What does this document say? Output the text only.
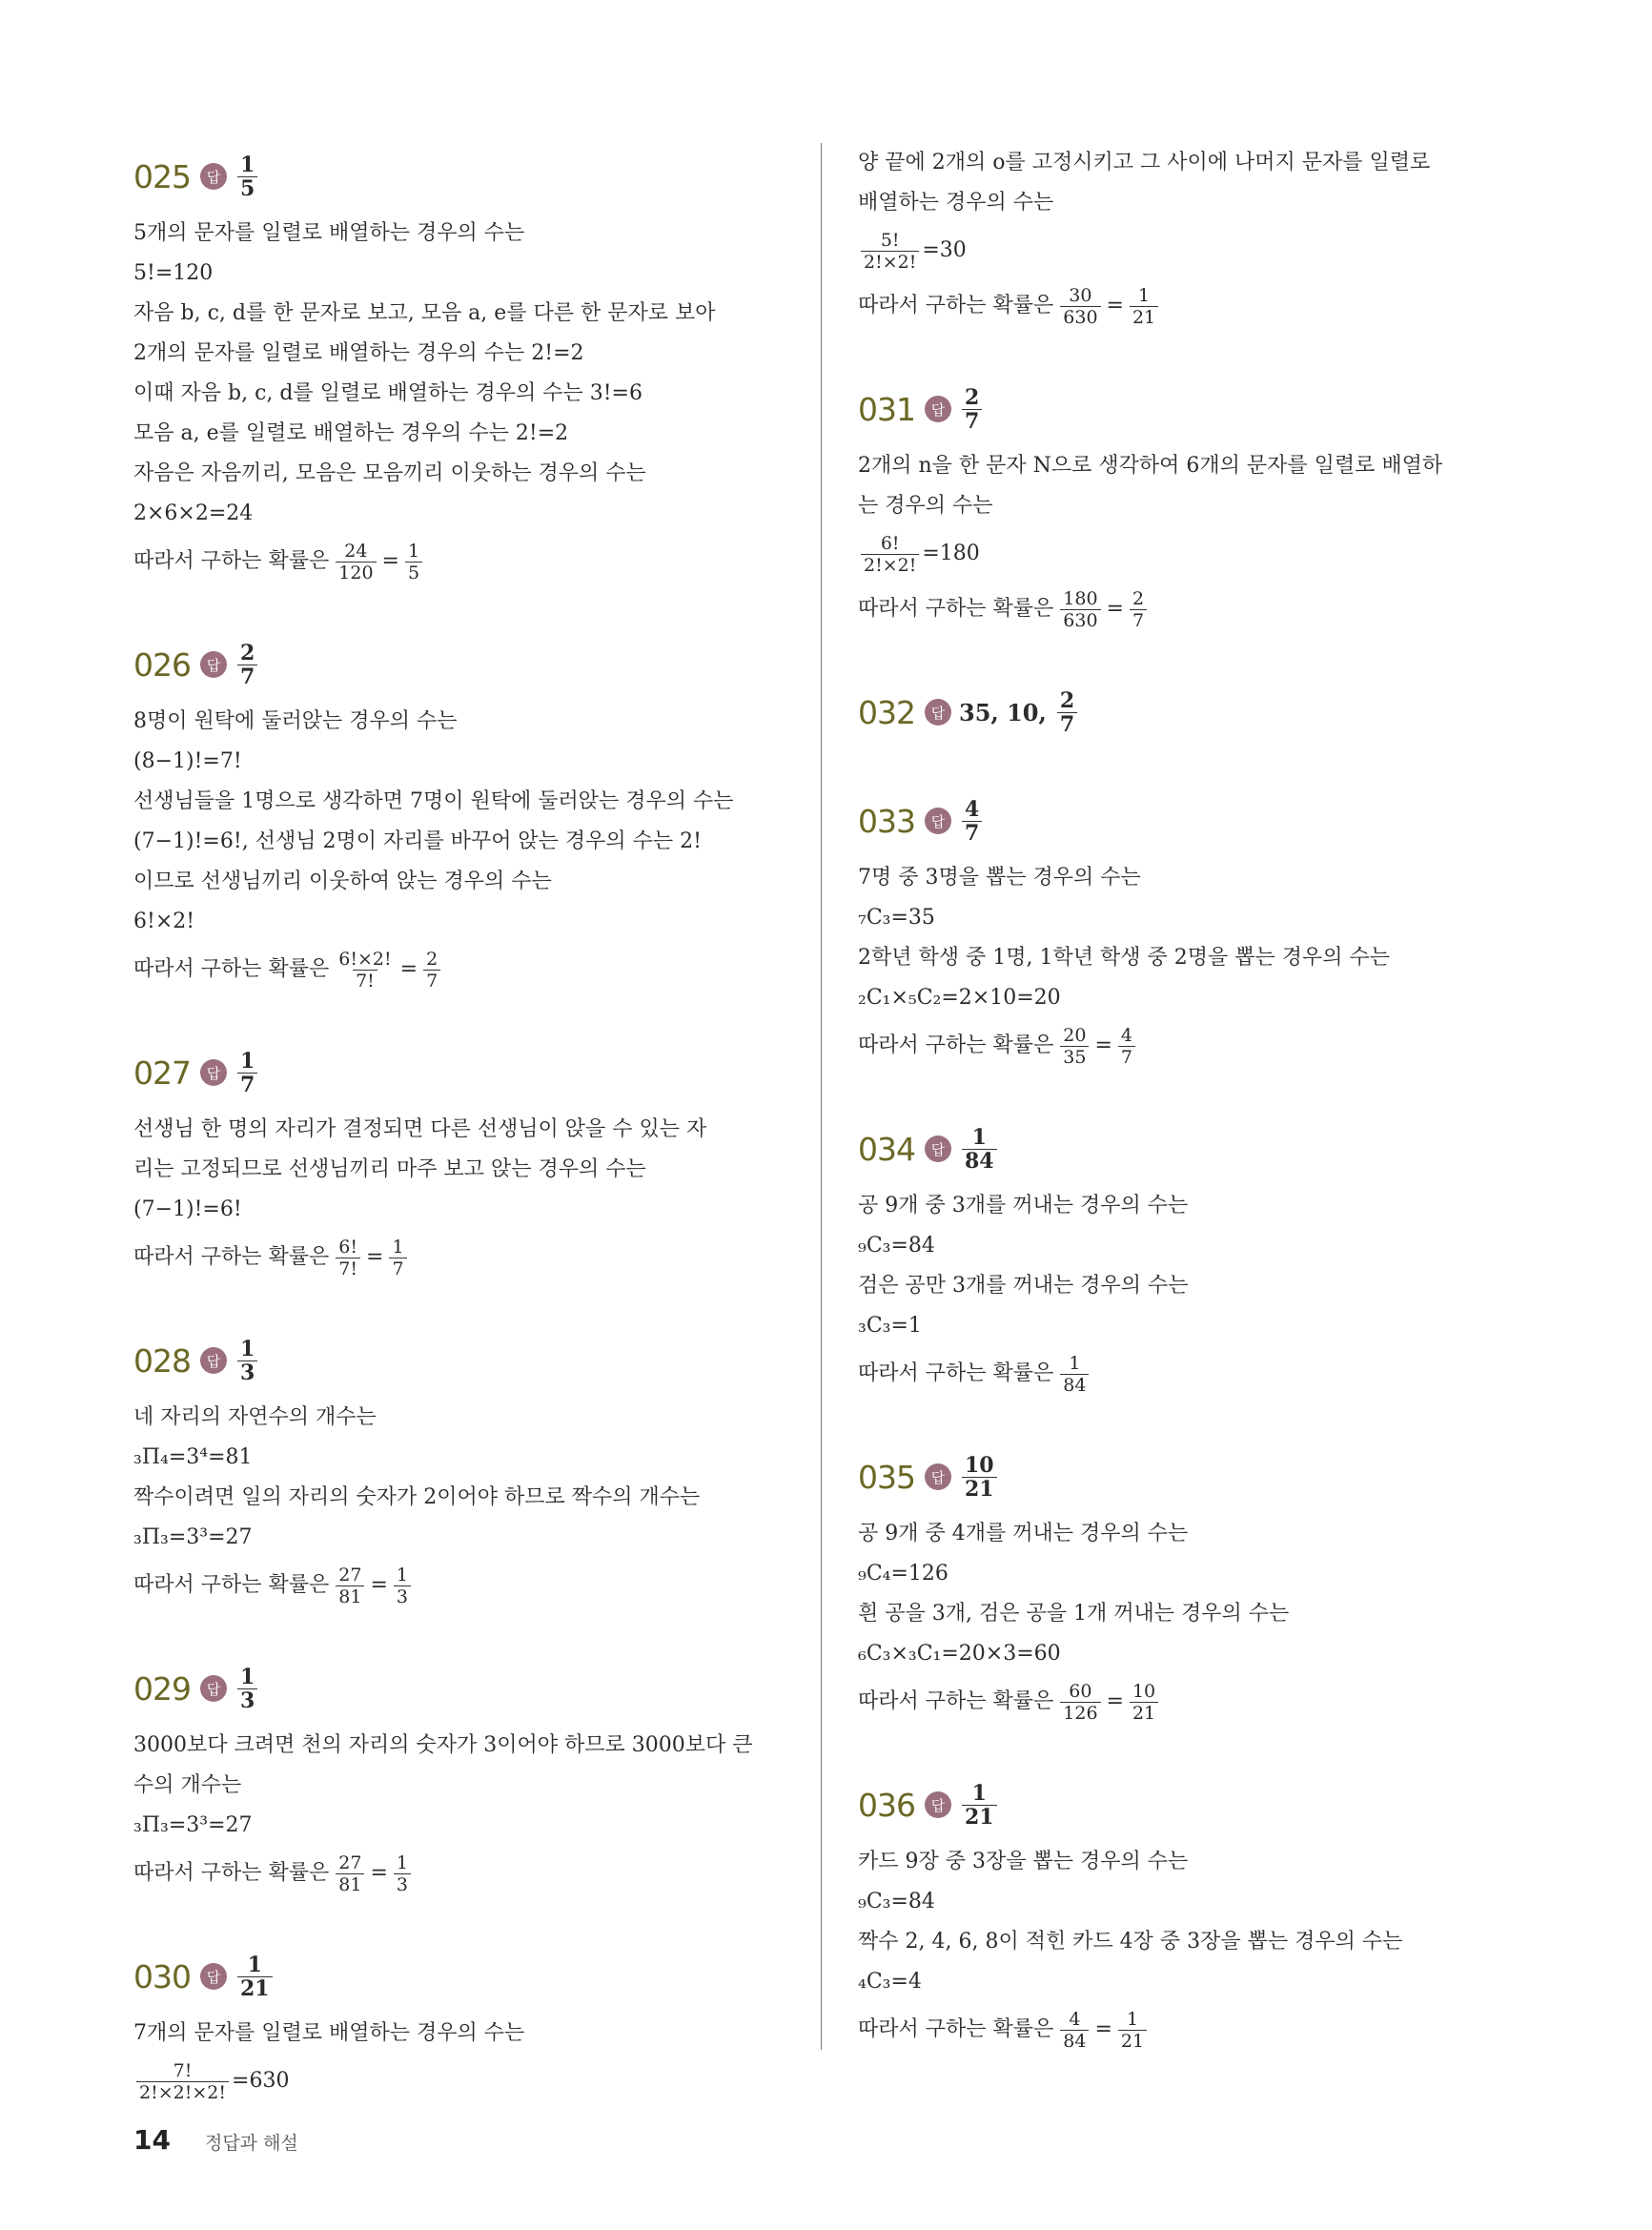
025	답 $\frac{1}{5}$
5개의 문자를 일렬로 배열하는 경우의 수는
5!=120
자음 b, c, d를 한 문자로 보고, 모음 a, e를 다른 한 문자로 보아
2개의 문자를 일렬로 배열하는 경우의 수는 2!=2
이때 자음 b, c, d를 일렬로 배열하는 경우의 수는 3!=6
모음 a, e를 일렬로 배열하는 경우의 수는 2!=2
자음은 자음끼리, 모음은 모음끼리 이웃하는 경우의 수는
2×6×2=24
따라서 구하는 확률은 $\frac{24}{120} = \frac{1}{5}$
026	답 $\frac{2}{7}$
8명이 원탁에 둘러앉는 경우의 수는
(8−1)!=7!
선생님들을 1명으로 생각하면 7명이 원탁에 둘러앉는 경우의 수는
(7−1)!=6!, 선생님 2명이 자리를 바꾸어 앉는 경우의 수는 2!
이므로 선생님끼리 이웃하여 앉는 경우의 수는
6!×2!
따라서 구하는 확률은 $\frac{6!\times 2!}{7!} = \frac{2}{7}$
027	답 $\frac{1}{7}$
선생님 한 명의 자리가 결정되면 다른 선생님이 앉을 수 있는 자
리는 고정되므로 선생님끼리 마주 보고 앉는 경우의 수는
(7−1)!=6!
따라서 구하는 확률은 $\frac{6!}{7!} = \frac{1}{7}$
028	답 $\frac{1}{3}$
네 자리의 자연수의 개수는
₃Π₄=3⁴=81
짝수이려면 일의 자리의 숫자가 2이어야 하므로 짝수의 개수는
₃Π₃=3³=27
따라서 구하는 확률은 $\frac{27}{81} = \frac{1}{3}$
029	답 $\frac{1}{3}$
3000보다 크려면 천의 자리의 숫자가 3이어야 하므로 3000보다 큰
수의 개수는
₃Π₃=3³=27
따라서 구하는 확률은 $\frac{27}{81} = \frac{1}{3}$
030	답 $\frac{1}{21}$
7개의 문자를 일렬로 배열하는 경우의 수는
$\frac{7!}{2!\times 2!\times 2!} =630$
양 끝에 2개의 o를 고정시키고 그 사이에 나머지 문자를 일렬로
배열하는 경우의 수는
$\frac{5!}{2!\times 2!} =30$
따라서 구하는 확률은 $\frac{30}{630} = \frac{1}{21}$
031	답 $\frac{2}{7}$
2개의 n을 한 문자 N으로 생각하여 6개의 문자를 일렬로 배열하
는 경우의 수는
$\frac{6!}{2!\times 2!} =180$
따라서 구하는 확률은 $\frac{180}{630} = \frac{2}{7}$
032	답 35, 10, $\frac{2}{7}$
033	답 $\frac{4}{7}$
7명 중 3명을 뽑는 경우의 수는
₇C₃=35
2학년 학생 중 1명, 1학년 학생 중 2명을 뽑는 경우의 수는
₂C₁×₅C₂=2×10=20
따라서 구하는 확률은 $\frac{20}{35} = \frac{4}{7}$
034	답 $\frac{1}{84}$
공 9개 중 3개를 꺼내는 경우의 수는
₉C₃=84
검은 공만 3개를 꺼내는 경우의 수는
₃C₃=1
따라서 구하는 확률은 $\frac{1}{84}$
035	답 $\frac{10}{21}$
공 9개 중 4개를 꺼내는 경우의 수는
₉C₄=126
흰 공을 3개, 검은 공을 1개 꺼내는 경우의 수는
₆C₃×₃C₁=20×3=60
따라서 구하는 확률은 $\frac{60}{126} = \frac{10}{21}$
036	답 $\frac{1}{21}$
카드 9장 중 3장을 뽑는 경우의 수는
₉C₃=84
짝수 2, 4, 6, 8이 적힌 카드 4장 중 3장을 뽑는 경우의 수는
₄C₃=4
따라서 구하는 확률은 $\frac{4}{84} = \frac{1}{21}$
14 정답과 해설
